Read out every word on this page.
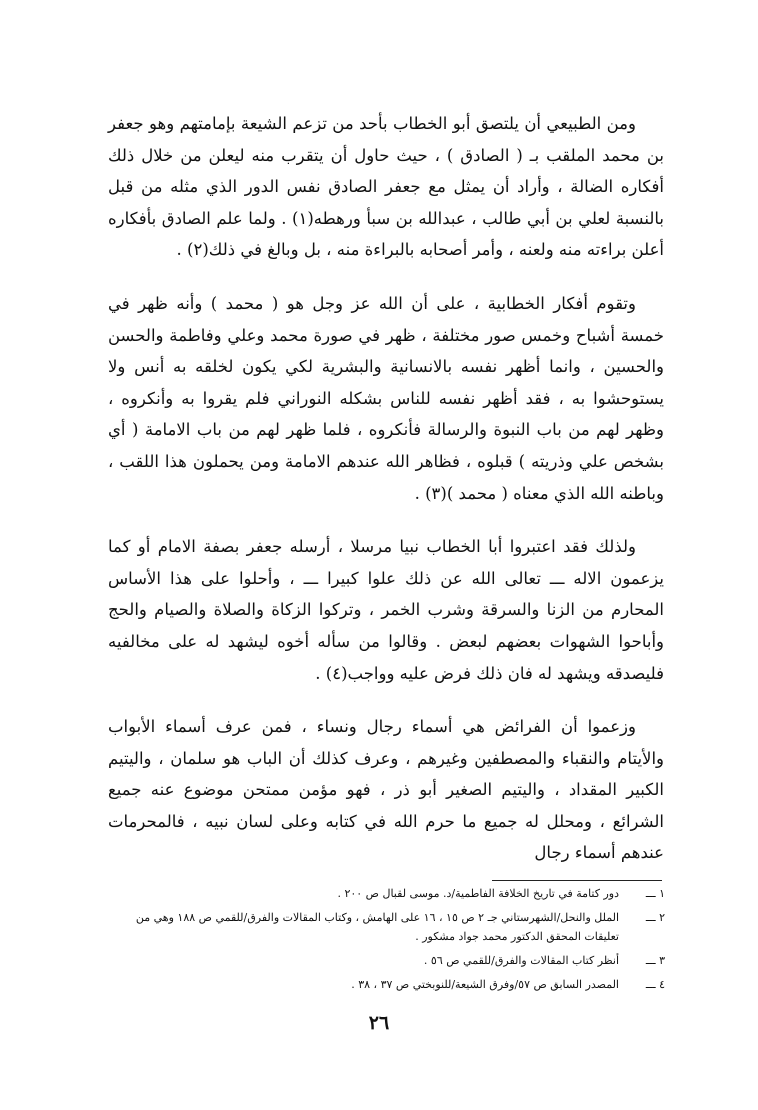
ومن الطبيعي أن يلتصق أبو الخطاب بأحد من تزعم الشيعة بإمامتهم وهو جعفر بن محمد الملقب بـ ( الصادق ) ، حيث حاول أن يتقرب منه ليعلن من خلال ذلك أفكاره الضالة ، وأراد أن يمثل مع جعفر الصادق نفس الدور الذي مثله من قبل بالنسبة لعلي بن أبي طالب ، عبدالله بن سبأ ورهطه(١) . ولما علم الصادق بأفكاره أعلن براءته منه ولعنه ، وأمر أصحابه بالبراءة منه ، بل وبالغ في ذلك(٢) .

وتقوم أفكار الخطابية ، على أن الله عز وجل هو ( محمد ) وأنه ظهر في خمسة أشباح وخمس صور مختلفة ، ظهر في صورة محمد وعلي وفاطمة والحسن والحسين ، وانما أظهر نفسه بالانسانية والبشرية لكي يكون لخلقه به أنس ولا يستوحشوا به ، فقد أظهر نفسه للناس بشكله النوراني فلم يقروا به وأنكروه ، وظهر لهم من باب النبوة والرسالة فأنكروه ، فلما ظهر لهم من باب الامامة ( أي بشخص علي وذريته ) قبلوه ، فظاهر الله عندهم الامامة ومن يحملون هذا اللقب ، وباطنه الله الذي معناه ( محمد )(٣) .

ولذلك فقد اعتبروا أبا الخطاب نبيا مرسلا ، أرسله جعفر بصفة الامام أو كما يزعمون الاله ـــ تعالى الله عن ذلك علوا كبيرا ـــ ، وأحلوا على هذا الأساس المحارم من الزنا والسرقة وشرب الخمر ، وتركوا الزكاة والصلاة والصيام والحج وأباحوا الشهوات بعضهم لبعض . وقالوا من سأله أخوه ليشهد له على مخالفيه فليصدقه ويشهد له فان ذلك فرض عليه وواجب(٤) .

وزعموا أن الفرائض هي أسماء رجال ونساء ، فمن عرف أسماء الأبواب والأيتام والنقباء والمصطفين وغيرهم ، وعرف كذلك أن الباب هو سلمان ، واليتيم الكبير المقداد ، واليتيم الصغير أبو ذر ، فهو مؤمن ممتحن موضوع عنه جميع الشرائع ، ومحلل له جميع ما حرم الله في كتابه وعلى لسان نبيه ، فالمحرمات عندهم أسماء رجال

١ ـــ
دور كتامة في تاريخ الخلافة الفاطمية/د. موسى لقبال ص ٢٠٠ .
٢ ـــ
الملل والنحل/الشهرستاني جـ ٢ ص ١٥ ، ١٦ على الهامش ، وكتاب المقالات والفرق/للقمي ص ١٨٨ وهي من تعليقات المحقق الدكتور محمد جواد مشكور .
٣ ـــ
أنظر كتاب المقالات والفرق/للقمي ص ٥٦ .
٤ ـــ
المصدر السابق ص ٥٧/وفرق الشيعة/للنوبختي ص ٣٧ ، ٣٨ .
٢٦
